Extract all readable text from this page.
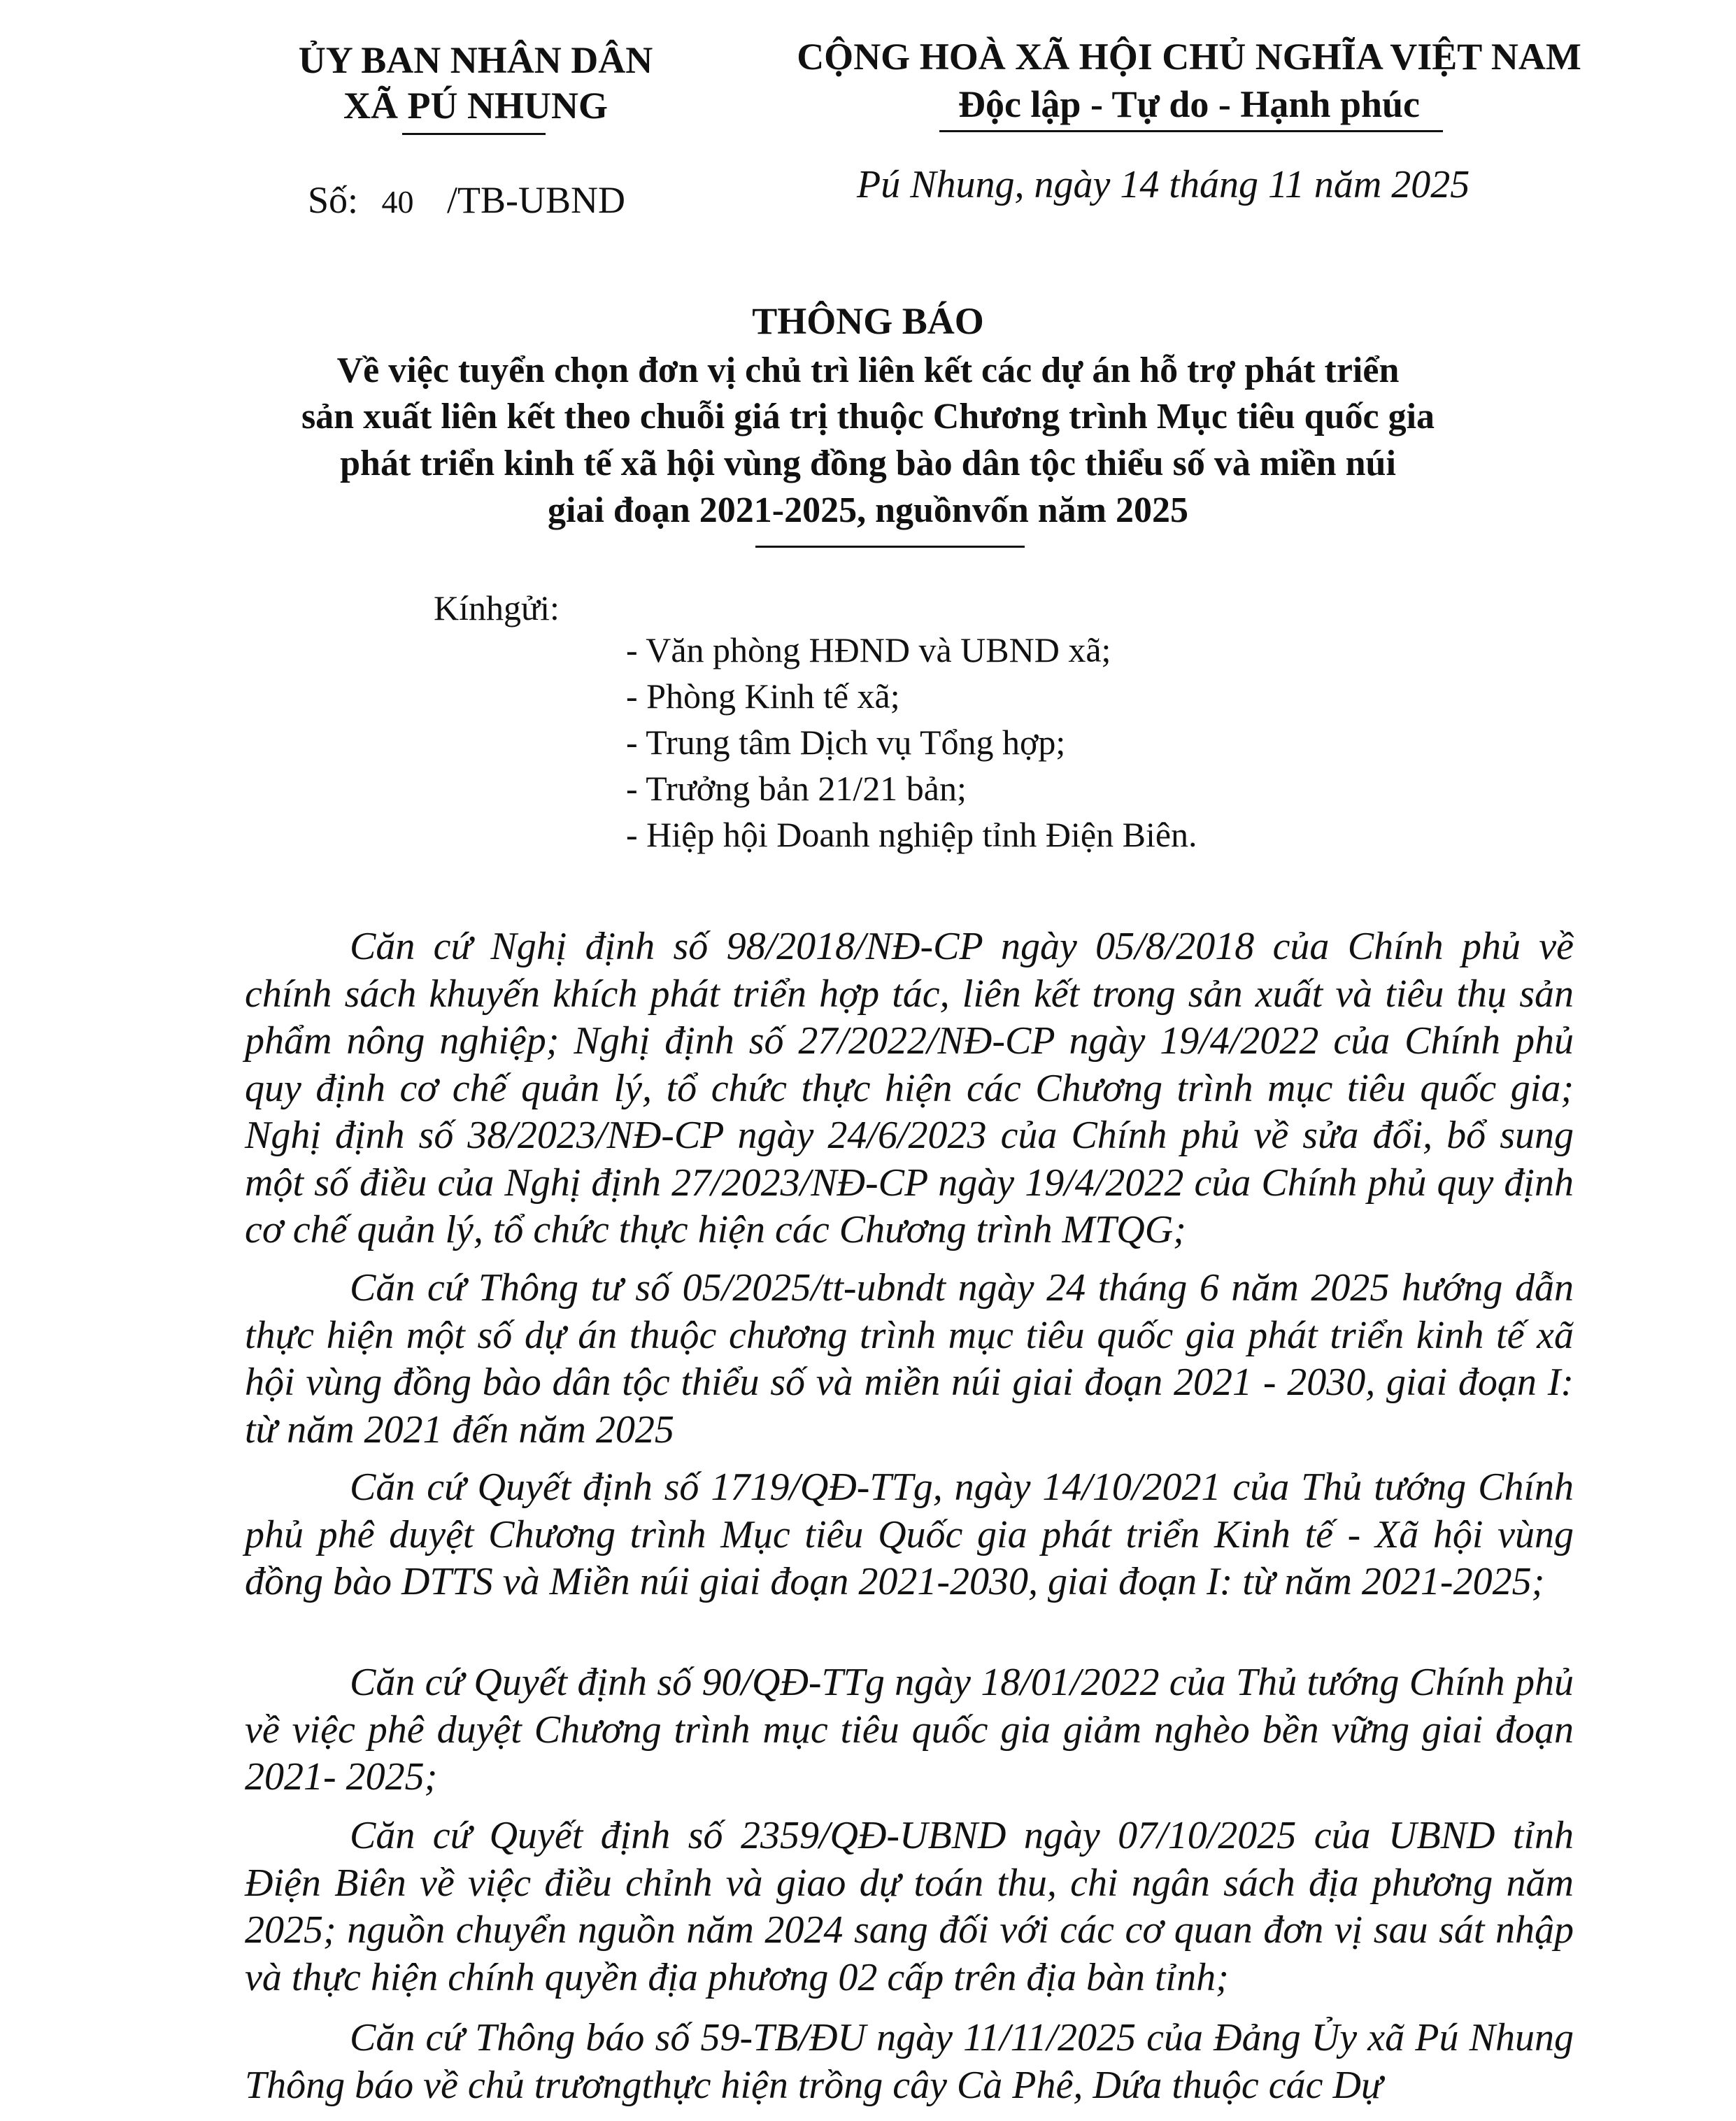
ỦY BAN NHÂN DÂN
XÃ PÚ NHUNG
Số: 40 /TB-UBND
CỘNG HOÀ XÃ HỘI CHỦ NGHĨA VIỆT NAM
Độc lập - Tự do - Hạnh phúc
Pú Nhung, ngày 14 tháng 11 năm 2025
THÔNG BÁO
Về việc tuyển chọn đơn vị chủ trì liên kết các dự án hỗ trợ phát triển
sản xuất liên kết theo chuỗi giá trị thuộc Chương trình Mục tiêu quốc gia
phát triển kinh tế xã hội vùng đồng bào dân tộc thiểu số và miền núi
giai đoạn 2021-2025, nguồnvốn năm 2025
Kínhgửi:
- Văn phòng HĐND và UBND xã;
- Phòng Kinh tế xã;
- Trung tâm Dịch vụ Tổng hợp;
- Trưởng bản 21/21 bản;
- Hiệp hội Doanh nghiệp tỉnh Điện Biên.
Căn cứ Nghị định số 98/2018/NĐ-CP ngày 05/8/2018 của Chính phủ về chính sách khuyến khích phát triển hợp tác, liên kết trong sản xuất và tiêu thụ sản phẩm nông nghiệp; Nghị định số 27/2022/NĐ-CP ngày 19/4/2022 của Chính phủ quy định cơ chế quản lý, tổ chức thực hiện các Chương trình mục tiêu quốc gia; Nghị định số 38/2023/NĐ-CP ngày 24/6/2023 của Chính phủ về sửa đổi, bổ sung một số điều của Nghị định 27/2023/NĐ-CP ngày 19/4/2022 của Chính phủ quy định cơ chế quản lý, tổ chức thực hiện các Chương trình MTQG;
Căn cứ Thông tư số 05/2025/tt-ubndt ngày 24 tháng 6 năm 2025 hướng dẫn thực hiện một số dự án thuộc chương trình mục tiêu quốc gia phát triển kinh tế xã hội vùng đồng bào dân tộc thiểu số và miền núi giai đoạn 2021 - 2030, giai đoạn I: từ năm 2021 đến năm 2025
Căn cứ Quyết định số 1719/QĐ-TTg, ngày 14/10/2021 của Thủ tướng Chính phủ phê duyệt Chương trình Mục tiêu Quốc gia phát triển Kinh tế - Xã hội vùng đồng bào DTTS và Miền núi giai đoạn 2021-2030, giai đoạn I: từ năm 2021-2025;
Căn cứ Quyết định số 90/QĐ-TTg ngày 18/01/2022 của Thủ tướng Chính phủ về việc phê duyệt Chương trình mục tiêu quốc gia giảm nghèo bền vững giai đoạn 2021- 2025;
Căn cứ Quyết định số 2359/QĐ-UBND ngày 07/10/2025 của UBND tỉnh Điện Biên về việc điều chỉnh và giao dự toán thu, chi ngân sách địa phương năm 2025; nguồn chuyển nguồn năm 2024 sang đối với các cơ quan đơn vị sau sát nhập và thực hiện chính quyền địa phương 02 cấp trên địa bàn tỉnh;
Căn cứ Thông báo số 59-TB/ĐU ngày 11/11/2025 của Đảng Ủy xã Pú Nhung Thông báo về chủ trươngthực hiện trồng cây Cà Phê, Dứa thuộc các Dự
